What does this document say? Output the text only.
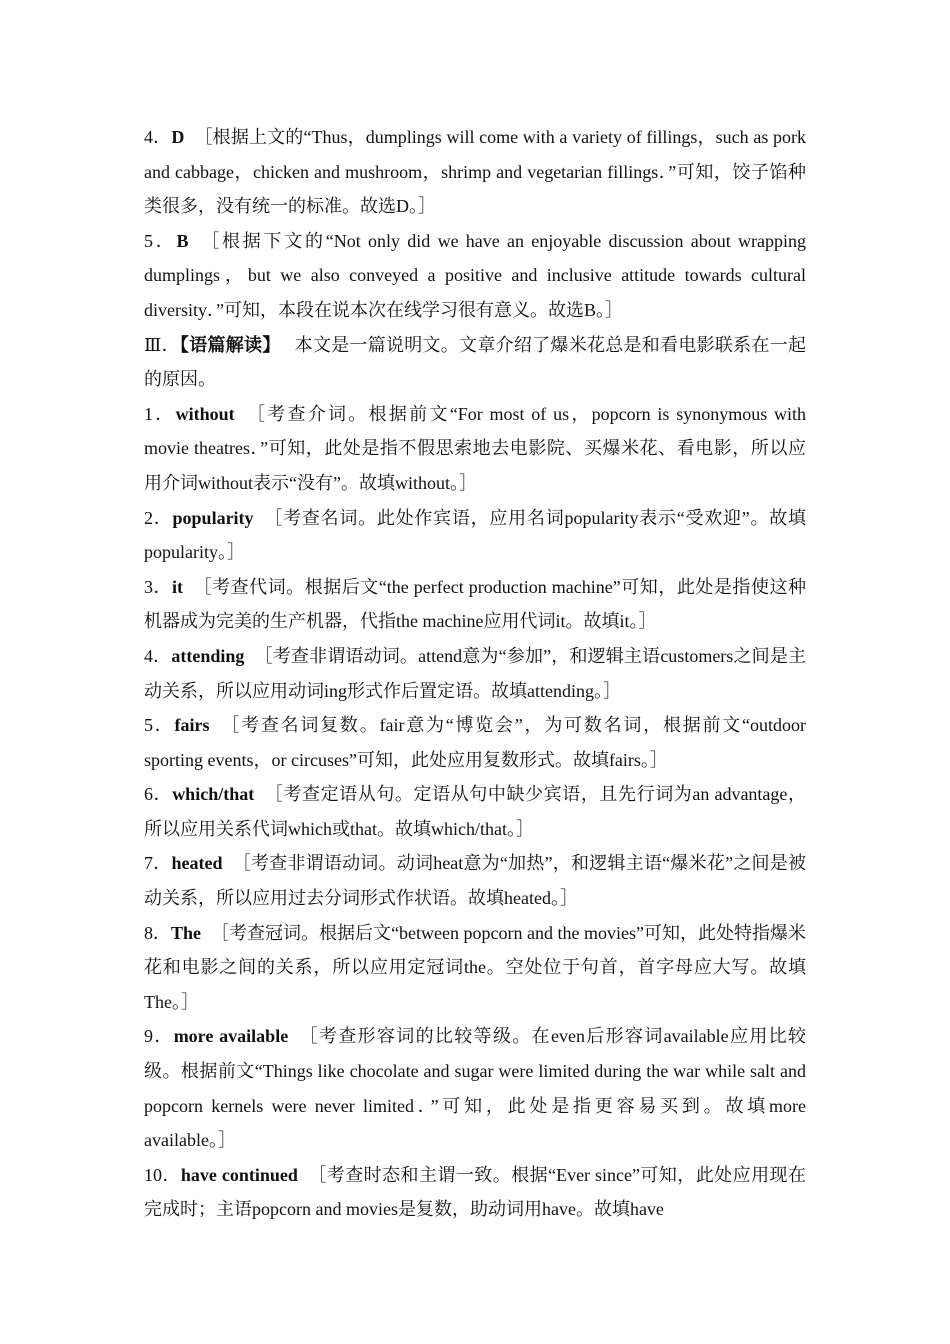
4．D ［根据上文的“Thus，dumplings will come with a variety of fillings，such as pork and cabbage，chicken and mushroom，shrimp and vegetarian fillings．”可知，饺子馅种类很多，没有统一的标准。故选D。］

5．B ［根据下文的“Not only did we have an enjoyable discussion about wrapping dumplings，but we also conveyed a positive and inclusive attitude towards cultural diversity．”可知，本段在说本次在线学习很有意义。故选B。］

Ⅲ．【语篇解读】 本文是一篇说明文。文章介绍了爆米花总是和看电影联系在一起的原因。

1．without ［考查介词。根据前文“For most of us，popcorn is synonymous with movie theatres．”可知，此处是指不假思索地去电影院、买爆米花、看电影，所以应用介词without表示“没有”。故填without。］

2．popularity ［考查名词。此处作宾语，应用名词popularity表示“受欢迎”。故填popularity。］

3．it ［考查代词。根据后文“the perfect production machine”可知，此处是指使这种机器成为完美的生产机器，代指the machine应用代词it。故填it。］

4．attending ［考查非谓语动词。attend意为“参加”，和逻辑主语customers之间是主动关系，所以应用动词ing形式作后置定语。故填attending。］

5．fairs ［考查名词复数。fair意为“博览会”，为可数名词，根据前文“outdoor sporting events，or circuses”可知，此处应用复数形式。故填fairs。］

6．which/that ［考查定语从句。定语从句中缺少宾语，且先行词为an advantage，所以应用关系代词which或that。故填which/that。］

7．heated ［考查非谓语动词。动词heat意为“加热”，和逻辑主语“爆米花”之间是被动关系，所以应用过去分词形式作状语。故填heated。］

8．The ［考查冠词。根据后文“between popcorn and the movies”可知，此处特指爆米花和电影之间的关系，所以应用定冠词the。空处位于句首，首字母应大写。故填The。］

9．more available ［考查形容词的比较等级。在even后形容词available应用比较级。根据前文“Things like chocolate and sugar were limited during the war while salt and popcorn kernels were never limited．”可知，此处是指更容易买到。故填more available。］

10．have continued ［考查时态和主谓一致。根据“Ever since”可知，此处应用现在完成时；主语popcorn and movies是复数，助动词用have。故填have
